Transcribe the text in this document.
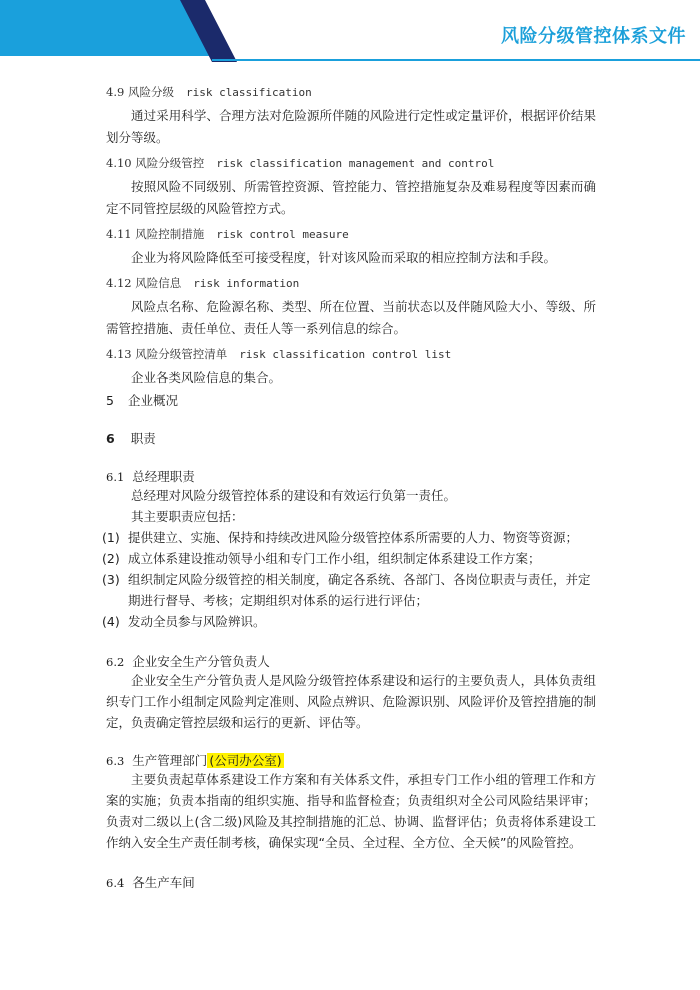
风险分级管控体系文件
4.9 风险分级 risk classification
通过采用科学、合理方法对危险源所伴随的风险进行定性或定量评价，根据评价结果划分等级。
4.10 风险分级管控 risk classification management and control
按照风险不同级别、所需管控资源、管控能力、管控措施复杂及难易程度等因素而确定不同管控层级的风险管控方式。
4.11 风险控制措施 risk control measure
企业为将风险降低至可接受程度，针对该风险而采取的相应控制方法和手段。
4.12 风险信息 risk information
风险点名称、危险源名称、类型、所在位置、当前状态以及伴随风险大小、等级、所需管控措施、责任单位、责任人等一系列信息的综合。
4.13 风险分级管控清单 risk classification control list
企业各类风险信息的集合。
5 企业概况
6 职责
6.1 总经理职责
总经理对风险分级管控体系的建设和有效运行负第一责任。
其主要职责应包括：
(1) 提供建立、实施、保持和持续改进风险分级管控体系所需要的人力、物资等资源；
(2) 成立体系建设推动领导小组和专门工作小组，组织制定体系建设工作方案；
(3) 组织制定风险分级管控的相关制度，确定各系统、各部门、各岗位职责与责任，并定期进行督导、考核；定期组织对体系的运行进行评估；
(4) 发动全员参与风险辨识。
6.2 企业安全生产分管负责人
企业安全生产分管负责人是风险分级管控体系建设和运行的主要负责人，具体负责组织专门工作小组制定风险判定准则、风险点辨识、危险源识别、风险评价及管控措施的制定，负责确定管控层级和运行的更新、评估等。
6.3 生产管理部门 (公司办公室)
主要负责起草体系建设工作方案和有关体系文件，承担专门工作小组的管理工作和方案的实施；负责本指南的组织实施、指导和监督检查；负责组织对全公司风险结果评审；负责对二级以上(含二级)风险及其控制措施的汇总、协调、监督评估；负责将体系建设工作纳入安全生产责任制考核，确保实现“全员、全过程、全方位、全天候”的风险管控。
6.4 各生产车间
